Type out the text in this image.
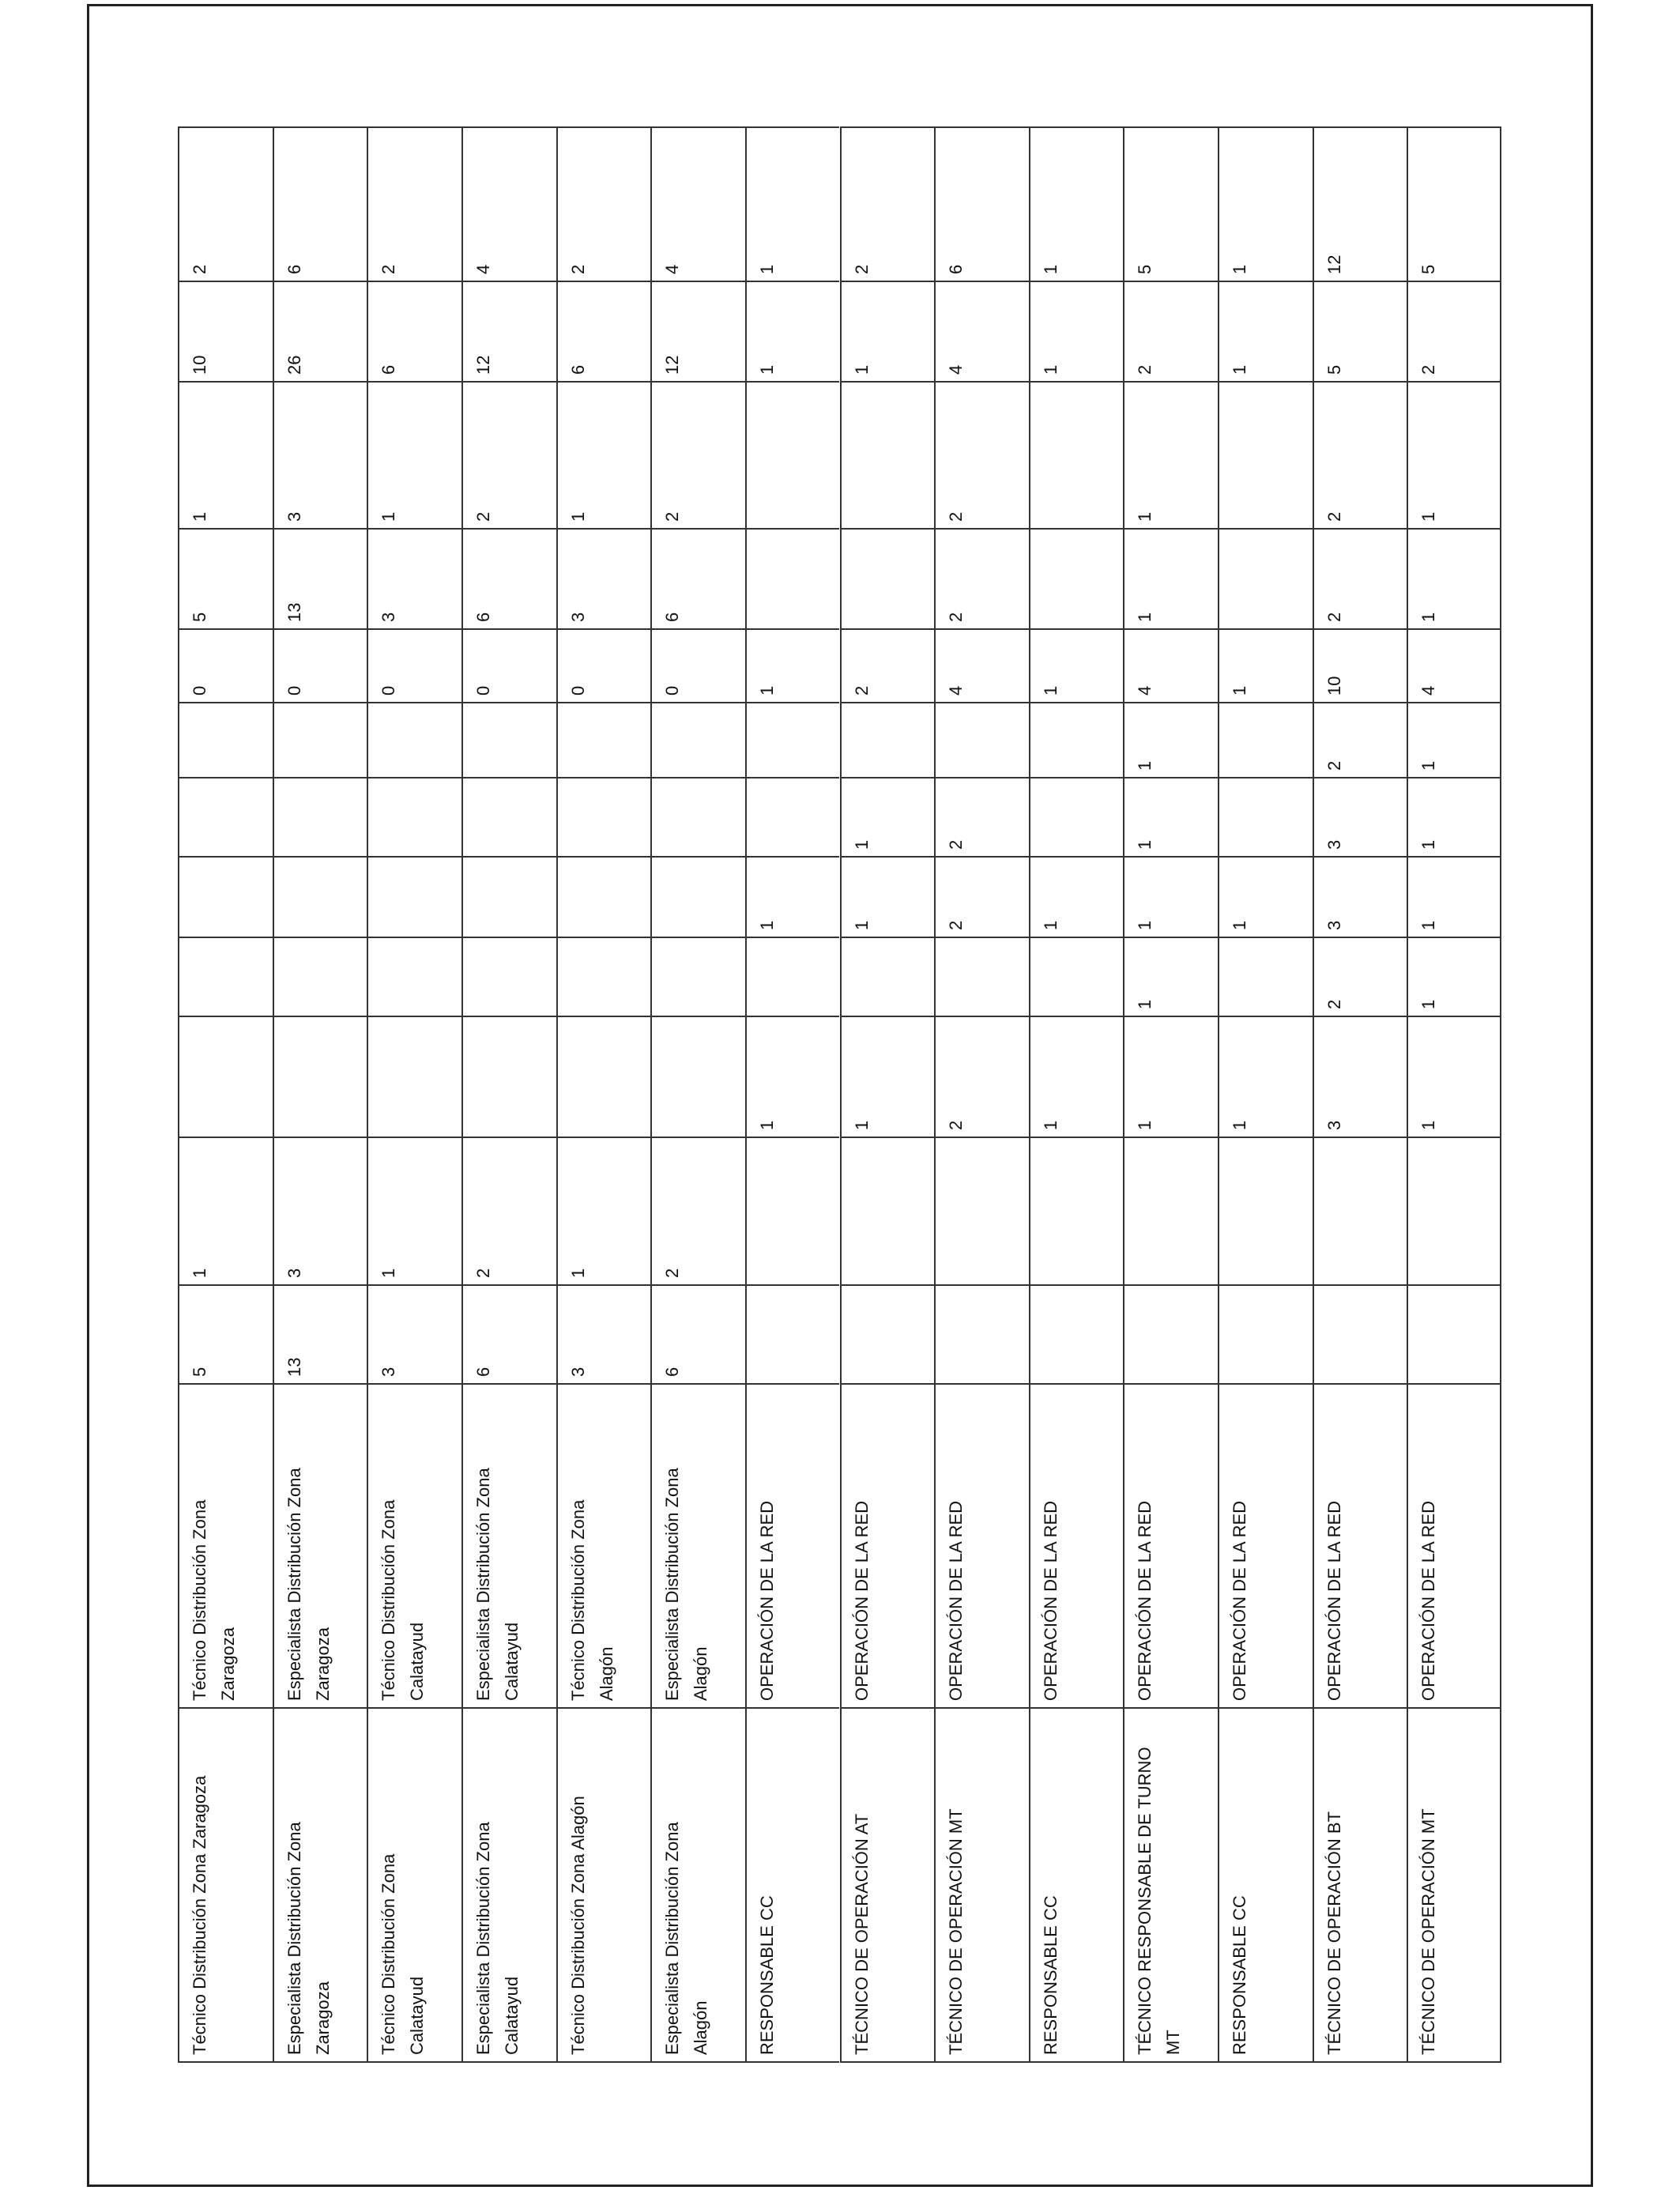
2
10
1
5
0
1
5
Técnico Distribución Zona Zaragoza
Técnico Distribución Zona Zaragoza
6
26
3
13
0
3
13
Especialista Distribución Zona Zaragoza
Especialista Distribución Zona Zaragoza
2
6
1
3
0
1
3
Técnico Distribución Zona Calatayud
Técnico Distribución Zona Calatayud
4
12
2
6
0
2
6
Especialista Distribución Zona Calatayud
Especialista Distribución Zona Calatayud
2
6
1
3
0
1
3
Técnico Distribución Zona Alagón
Técnico Distribución Zona Alagón
4
12
2
6
0
2
6
Especialista Distribución Zona Alagón
Especialista Distribución Zona Alagón
1
1
1
1
1
OPERACIÓN DE LA RED
RESPONSABLE CC
2
1
2
1
1
1
OPERACIÓN DE LA RED
TÉCNICO DE OPERACIÓN AT
6
4
2
2
4
2
2
2
OPERACIÓN DE LA RED
TÉCNICO DE OPERACIÓN MT
1
1
1
1
1
OPERACIÓN DE LA RED
RESPONSABLE CC
5
2
1
1
4
1
1
1
1
1
OPERACIÓN DE LA RED
TÉCNICO RESPONSABLE DE TURNO MT
1
1
1
1
1
OPERACIÓN DE LA RED
RESPONSABLE CC
12
5
2
2
10
2
3
3
2
3
OPERACIÓN DE LA RED
TÉCNICO DE OPERACIÓN BT
5
2
1
1
4
1
1
1
1
1
OPERACIÓN DE LA RED
TÉCNICO DE OPERACIÓN MT
